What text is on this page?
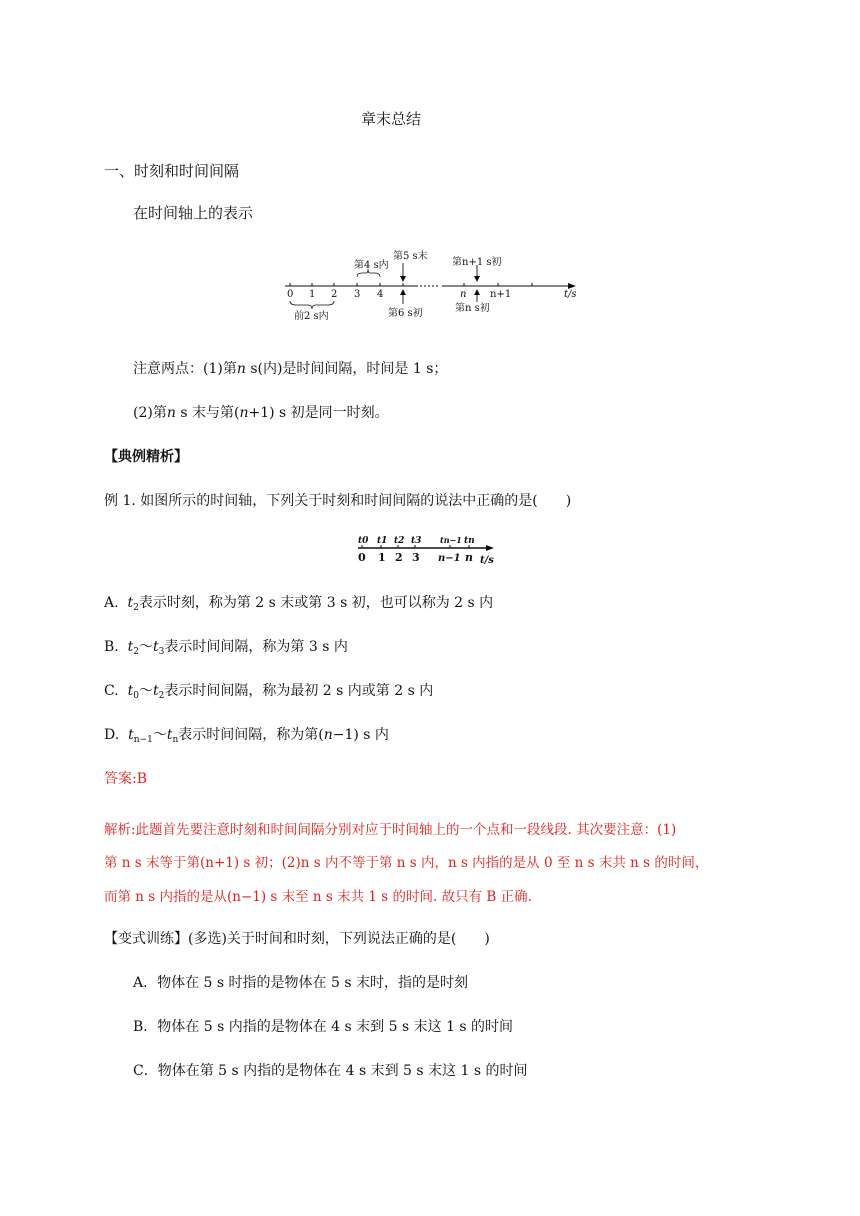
章末总结
一、时刻和时间间隔
在时间轴上的表示
0 1 2 3 4	n n+1	t/s
第4 s内
第5 s末
第n+1 s初
前2 s内	第6 s初	第n s初
注意两点：(1)第n s(内)是时间间隔，时间是 1 s；
(2)第n s 末与第(n+1) s 初是同一时刻。
【典例精析】
例 1. 如图所示的时间轴，下列关于时刻和时间间隔的说法中正确的是(　　)
t0 t1 t2 t3 tn−1 tn
0 1 2 3 n−1 n t/s
A. $t_2$表示时刻，称为第 2 s 末或第 3 s 初，也可以称为 2 s 内
B. $t_2\sim t_3$表示时间间隔，称为第 3 s 内
C. $t_0\sim t_2$表示时间间隔，称为最初 2 s 内或第 2 s 内
D. $t_{n-1}\sim t_n$表示时间间隔，称为第(n−1) s 内
答案:B
解析:此题首先要注意时刻和时间间隔分别对应于时间轴上的一个点和一段线段. 其次要注意：(1)
第 n s 末等于第(n+1) s 初；(2)n s 内不等于第 n s 内，n s 内指的是从 0 至 n s 末共 n s 的时间，
而第 n s 内指的是从(n−1) s 末至 n s 末共 1 s 的时间. 故只有 B 正确.
【变式训练】(多选)关于时间和时刻，下列说法正确的是(　　)
A．物体在 5 s 时指的是物体在 5 s 末时，指的是时刻
B．物体在 5 s 内指的是物体在 4 s 末到 5 s 末这 1 s 的时间
C．物体在第 5 s 内指的是物体在 4 s 末到 5 s 末这 1 s 的时间
